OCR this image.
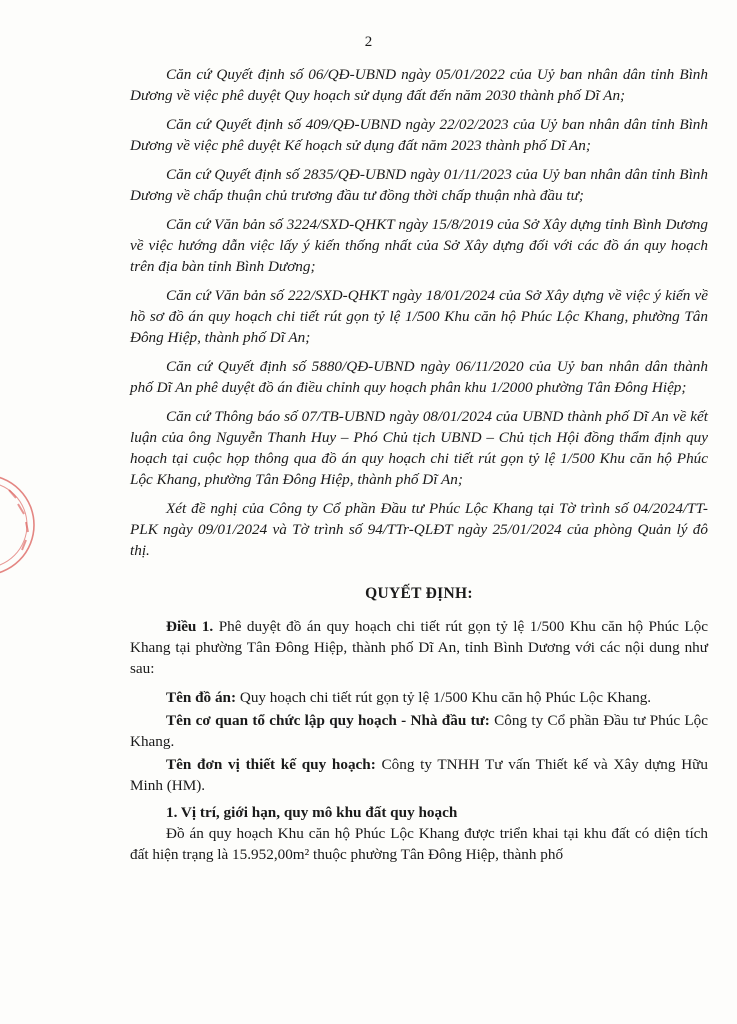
2

Căn cứ Quyết định số 06/QĐ-UBND ngày 05/01/2022 của Uỷ ban nhân dân tỉnh Bình Dương về việc phê duyệt Quy hoạch sử dụng đất đến năm 2030 thành phố Dĩ An;

Căn cứ Quyết định số 409/QĐ-UBND ngày 22/02/2023 của Uỷ ban nhân dân tỉnh Bình Dương về việc phê duyệt Kế hoạch sử dụng đất năm 2023 thành phố Dĩ An;

Căn cứ Quyết định số 2835/QĐ-UBND ngày 01/11/2023 của Uỷ ban nhân dân tỉnh Bình Dương về chấp thuận chủ trương đầu tư đồng thời chấp thuận nhà đầu tư;

Căn cứ Văn bản số 3224/SXD-QHKT ngày 15/8/2019 của Sở Xây dựng tỉnh Bình Dương về việc hướng dẫn việc lấy ý kiến thống nhất của Sở Xây dựng đối với các đồ án quy hoạch trên địa bàn tỉnh Bình Dương;

Căn cứ Văn bản số 222/SXD-QHKT ngày 18/01/2024 của Sở Xây dựng về việc ý kiến về hồ sơ đồ án quy hoạch chi tiết rút gọn tỷ lệ 1/500 Khu căn hộ Phúc Lộc Khang, phường Tân Đông Hiệp, thành phố Dĩ An;

Căn cứ Quyết định số 5880/QĐ-UBND ngày 06/11/2020 của Uỷ ban nhân dân thành phố Dĩ An phê duyệt đồ án điều chỉnh quy hoạch phân khu 1/2000 phường Tân Đông Hiệp;

Căn cứ Thông báo số 07/TB-UBND ngày 08/01/2024 của UBND thành phố Dĩ An về kết luận của ông Nguyễn Thanh Huy – Phó Chủ tịch UBND – Chủ tịch Hội đồng thẩm định quy hoạch tại cuộc họp thông qua đồ án quy hoạch chi tiết rút gọn tỷ lệ 1/500 Khu căn hộ Phúc Lộc Khang, phường Tân Đông Hiệp, thành phố Dĩ An;

Xét đề nghị của Công ty Cổ phần Đầu tư Phúc Lộc Khang tại Tờ trình số 04/2024/TT-PLK ngày 09/01/2024 và Tờ trình số 94/TTr-QLĐT ngày 25/01/2024 của phòng Quản lý đô thị.

QUYẾT ĐỊNH:

Điều 1. Phê duyệt đồ án quy hoạch chi tiết rút gọn tỷ lệ 1/500 Khu căn hộ Phúc Lộc Khang tại phường Tân Đông Hiệp, thành phố Dĩ An, tỉnh Bình Dương với các nội dung như sau:

Tên đồ án: Quy hoạch chi tiết rút gọn tỷ lệ 1/500 Khu căn hộ Phúc Lộc Khang.

Tên cơ quan tổ chức lập quy hoạch - Nhà đầu tư: Công ty Cổ phần Đầu tư Phúc Lộc Khang.

Tên đơn vị thiết kế quy hoạch: Công ty TNHH Tư vấn Thiết kế và Xây dựng Hữu Minh (HM).

1. Vị trí, giới hạn, quy mô khu đất quy hoạch

Đồ án quy hoạch Khu căn hộ Phúc Lộc Khang được triển khai tại khu đất có diện tích đất hiện trạng là 15.952,00m² thuộc phường Tân Đông Hiệp, thành phố
